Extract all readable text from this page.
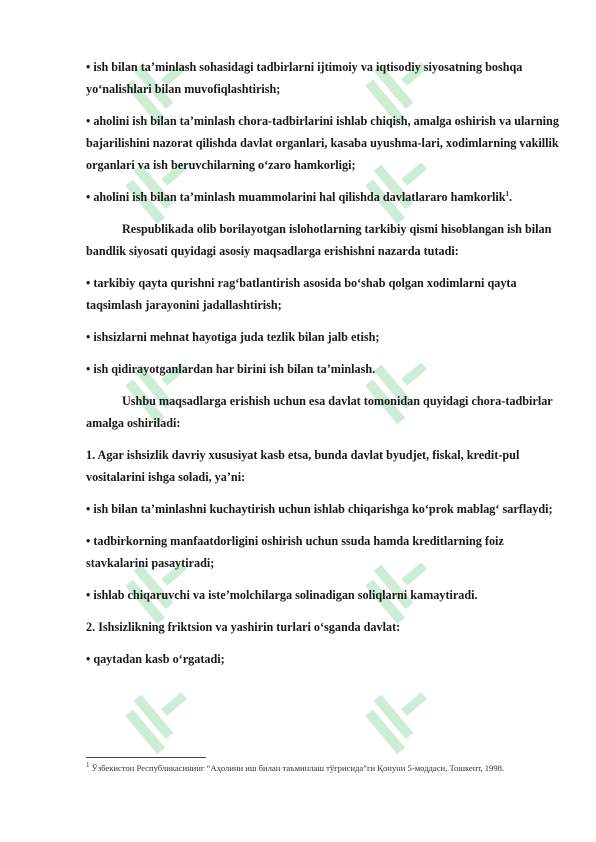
• ish bilan ta’minlash sohasidagi tadbirlarni ijtimoiy va iqtisodiy siyosatning boshqa yo‘nalishlari bilan muvofiqlashtirish;

• aholini ish bilan ta’minlash chora-tadbirlarini ishlab chiqish, amalga oshirish va ularning bajarilishini nazorat qilishda davlat organlari, kasaba uyushma-lari, xodimlarning vakillik organlari va ish beruvchilarning o‘zaro hamkorligi;

• aholini ish bilan ta’minlash muammolarini hal qilishda davlatlararo hamkorlik$^1$.

Respublikada olib borilayotgan islohotlarning tarkibiy qismi hisoblangan ish bilan bandlik siyosati quyidagi asosiy maqsadlarga erishishni nazarda tutadi:

• tarkibiy qayta qurishni rag‘batlantirish asosida bo‘shab qolgan xodimlarni qayta taqsimlash jarayonini jadallashtirish;

• ishsizlarni mehnat hayotiga juda tezlik bilan jalb etish;

• ish qidirayotganlardan har birini ish bilan ta’minlash.

Ushbu maqsadlarga erishish uchun esa davlat tomonidan quyidagi chora-tadbirlar amalga oshiriladi:

1. Agar ishsizlik davriy xususiyat kasb etsa, bunda davlat byudjet, fiskal, kredit-pul vositalarini ishga soladi, ya’ni:

• ish bilan ta’minlashni kuchaytirish uchun ishlab chiqarishga ko‘prok mablag‘ sarflaydi;

• tadbirkorning manfaatdorligini oshirish uchun ssuda hamda kreditlarning foiz stavkalarini pasaytiradi;

• ishlab chiqaruvchi va iste’molchilarga solinadigan soliqlarni kamaytiradi.

2. Ishsizlikning friktsion va yashirin turlari o‘sganda davlat:

• qaytadan kasb o‘rgatadi;

$^1$ Ўзбекистон Республикасининг “Аҳолини иш билан таъминлаш тўғрисида”ги Қонуни 5-моддаси, Тошкент, 1998.
